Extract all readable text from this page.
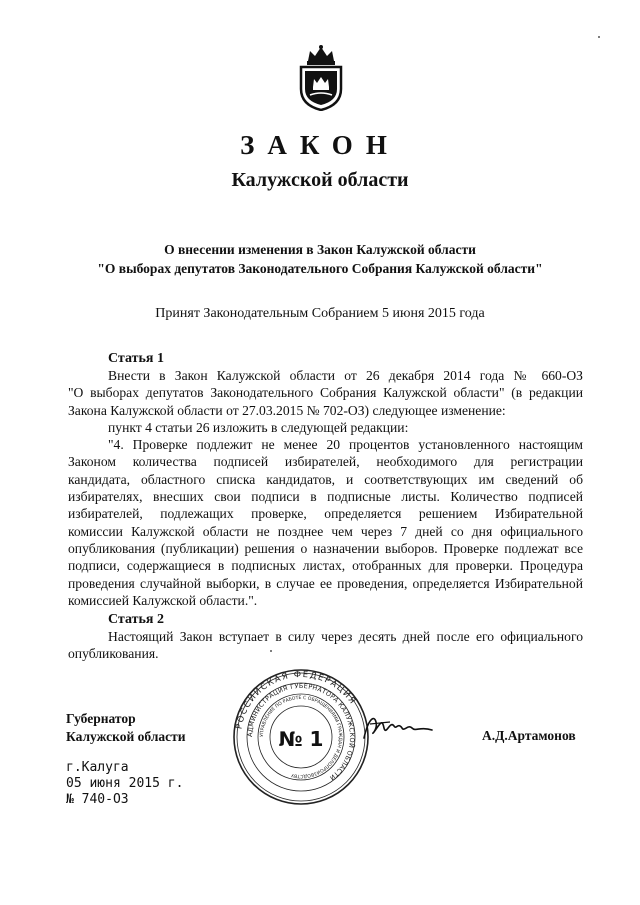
ЗАКОН
Калужской области
О внесении изменения в Закон Калужской области
"О выборах депутатов Законодательного Собрания Калужской области"
Принят Законодательным Собранием 5 июня 2015 года
Статья 1
Внести в Закон Калужской области от 26 декабря 2014 года № 660-ОЗ
"О выборах депутатов Законодательного Собрания Калужской области" (в редакции
Закона Калужской области от 27.03.2015 № 702-ОЗ) следующее изменение:
пункт 4 статьи 26 изложить в следующей редакции:
"4. Проверке подлежит не менее 20 процентов установленного настоящим
Законом количества подписей избирателей, необходимого для регистрации
кандидата, областного списка кандидатов, и соответствующих им сведений об
избирателях, внесших свои подписи в подписные листы. Количество подписей
избирателей, подлежащих проверке, определяется решением Избирательной
комиссии Калужской области не позднее чем через 7 дней со дня официального
опубликования (публикации) решения о назначении выборов. Проверке подлежат все
подписи, содержащиеся в подписных листах, отобранных для проверки. Процедура
проведения случайной выборки, в случае ее проведения, определяется Избирательной
комиссией Калужской области.".
Статья 2
Настоящий Закон вступает в силу через десять дней после его официального
опубликования.
Губернатор
Калужской области	А.Д.Артамонов
г.Калуга
05 июня 2015 г.
№ 740-ОЗ
РОССИЙСКАЯ ФЕДЕРАЦИЯ
АДМИНИСТРАЦИЯ ГУБЕРНАТОРА КАЛУЖСКОЙ ОБЛАСТИ
УПРАВЛЕНИЕ ПО РАБОТЕ С ОБРАЩЕНИЯМИ ГРАЖДАН И ДЕЛОПРОИЗВОДСТВУ
№ 1
